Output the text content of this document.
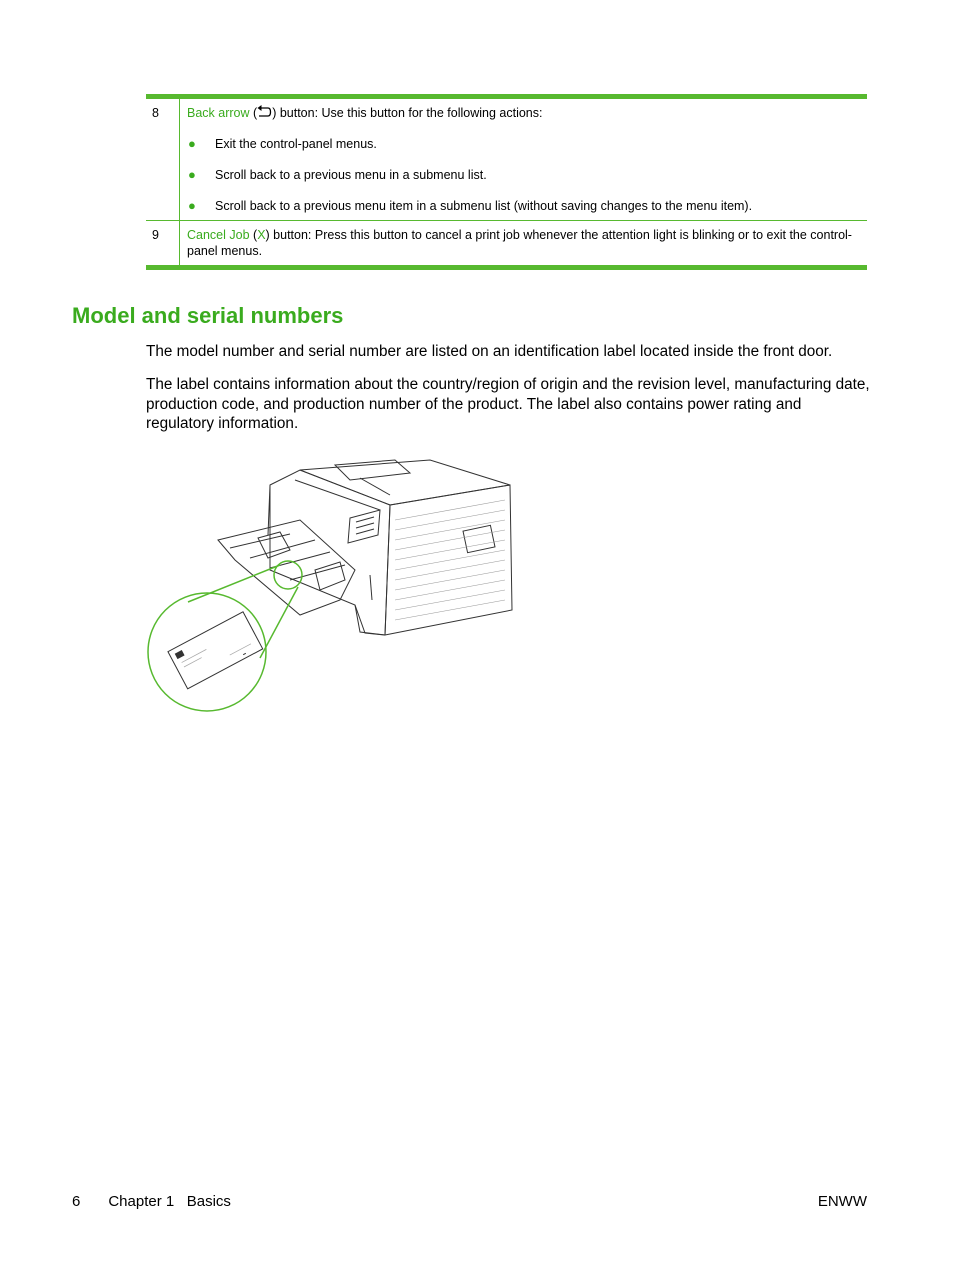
8	Back arrow ( ) button: Use this button for the following actions:
● Exit the control-panel menus.
● Scroll back to a previous menu in a submenu list.
● Scroll back to a previous menu item in a submenu list (without saving changes to the menu item).
9	Cancel Job (X) button: Press this button to cancel a print job whenever the attention light is blinking or to exit the control-panel menus.
Model and serial numbers

The model number and serial number are listed on an identification label located inside the front door.

The label contains information about the country/region of origin and the revision level, manufacturing date, production code, and production number of the product. The label also contains power rating and regulatory information.

6 Chapter 1   Basics	ENWW
